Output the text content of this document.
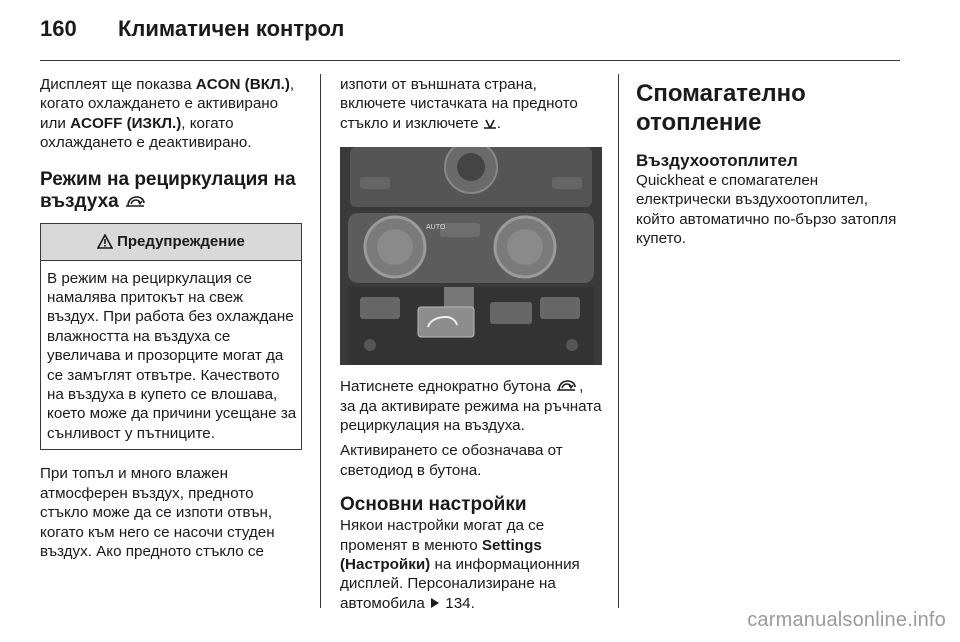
160 Климатичен контрол

Дисплеят ще показва ACON (ВКЛ.), когато охлаждането е активирано или ACOFF (ИЗКЛ.), когато охлаждането е деактивирано.

Режим на рециркулация на въздуха
Предупреждение
В режим на рециркулация се намалява притокът на свеж въздух. При работа без охлаждане влажността на въздуха се увеличава и прозорците могат да се замъглят отвътре. Качеството на въздуха в купето се влошава, което може да причини усещане за сънливост у пътниците.

При топъл и много влажен атмосферен въздух, предното стъкло може да се изпоти отвън, когато към него се насочи студен въздух. Ако предното стъкло се

изпоти от външната страна, включете чистачката на предното стъкло и изключете .

AUTO

Натиснете еднократно бутона , за да активирате режима на ръчната рециркулация на въздуха.

Активирането се обозначава от светодиод в бутона.

Основни настройки

Някои настройки могат да се променят в менюто Settings (Настройки) на информационния дисплей. Персонализиране на автомобила 134.

Спомагателно отопление
Въздухоотоплител

Quickheat е спомагателен електрически въздухоотоплител, който автоматично по-бързо затопля купето.

carmanualsonline.info
